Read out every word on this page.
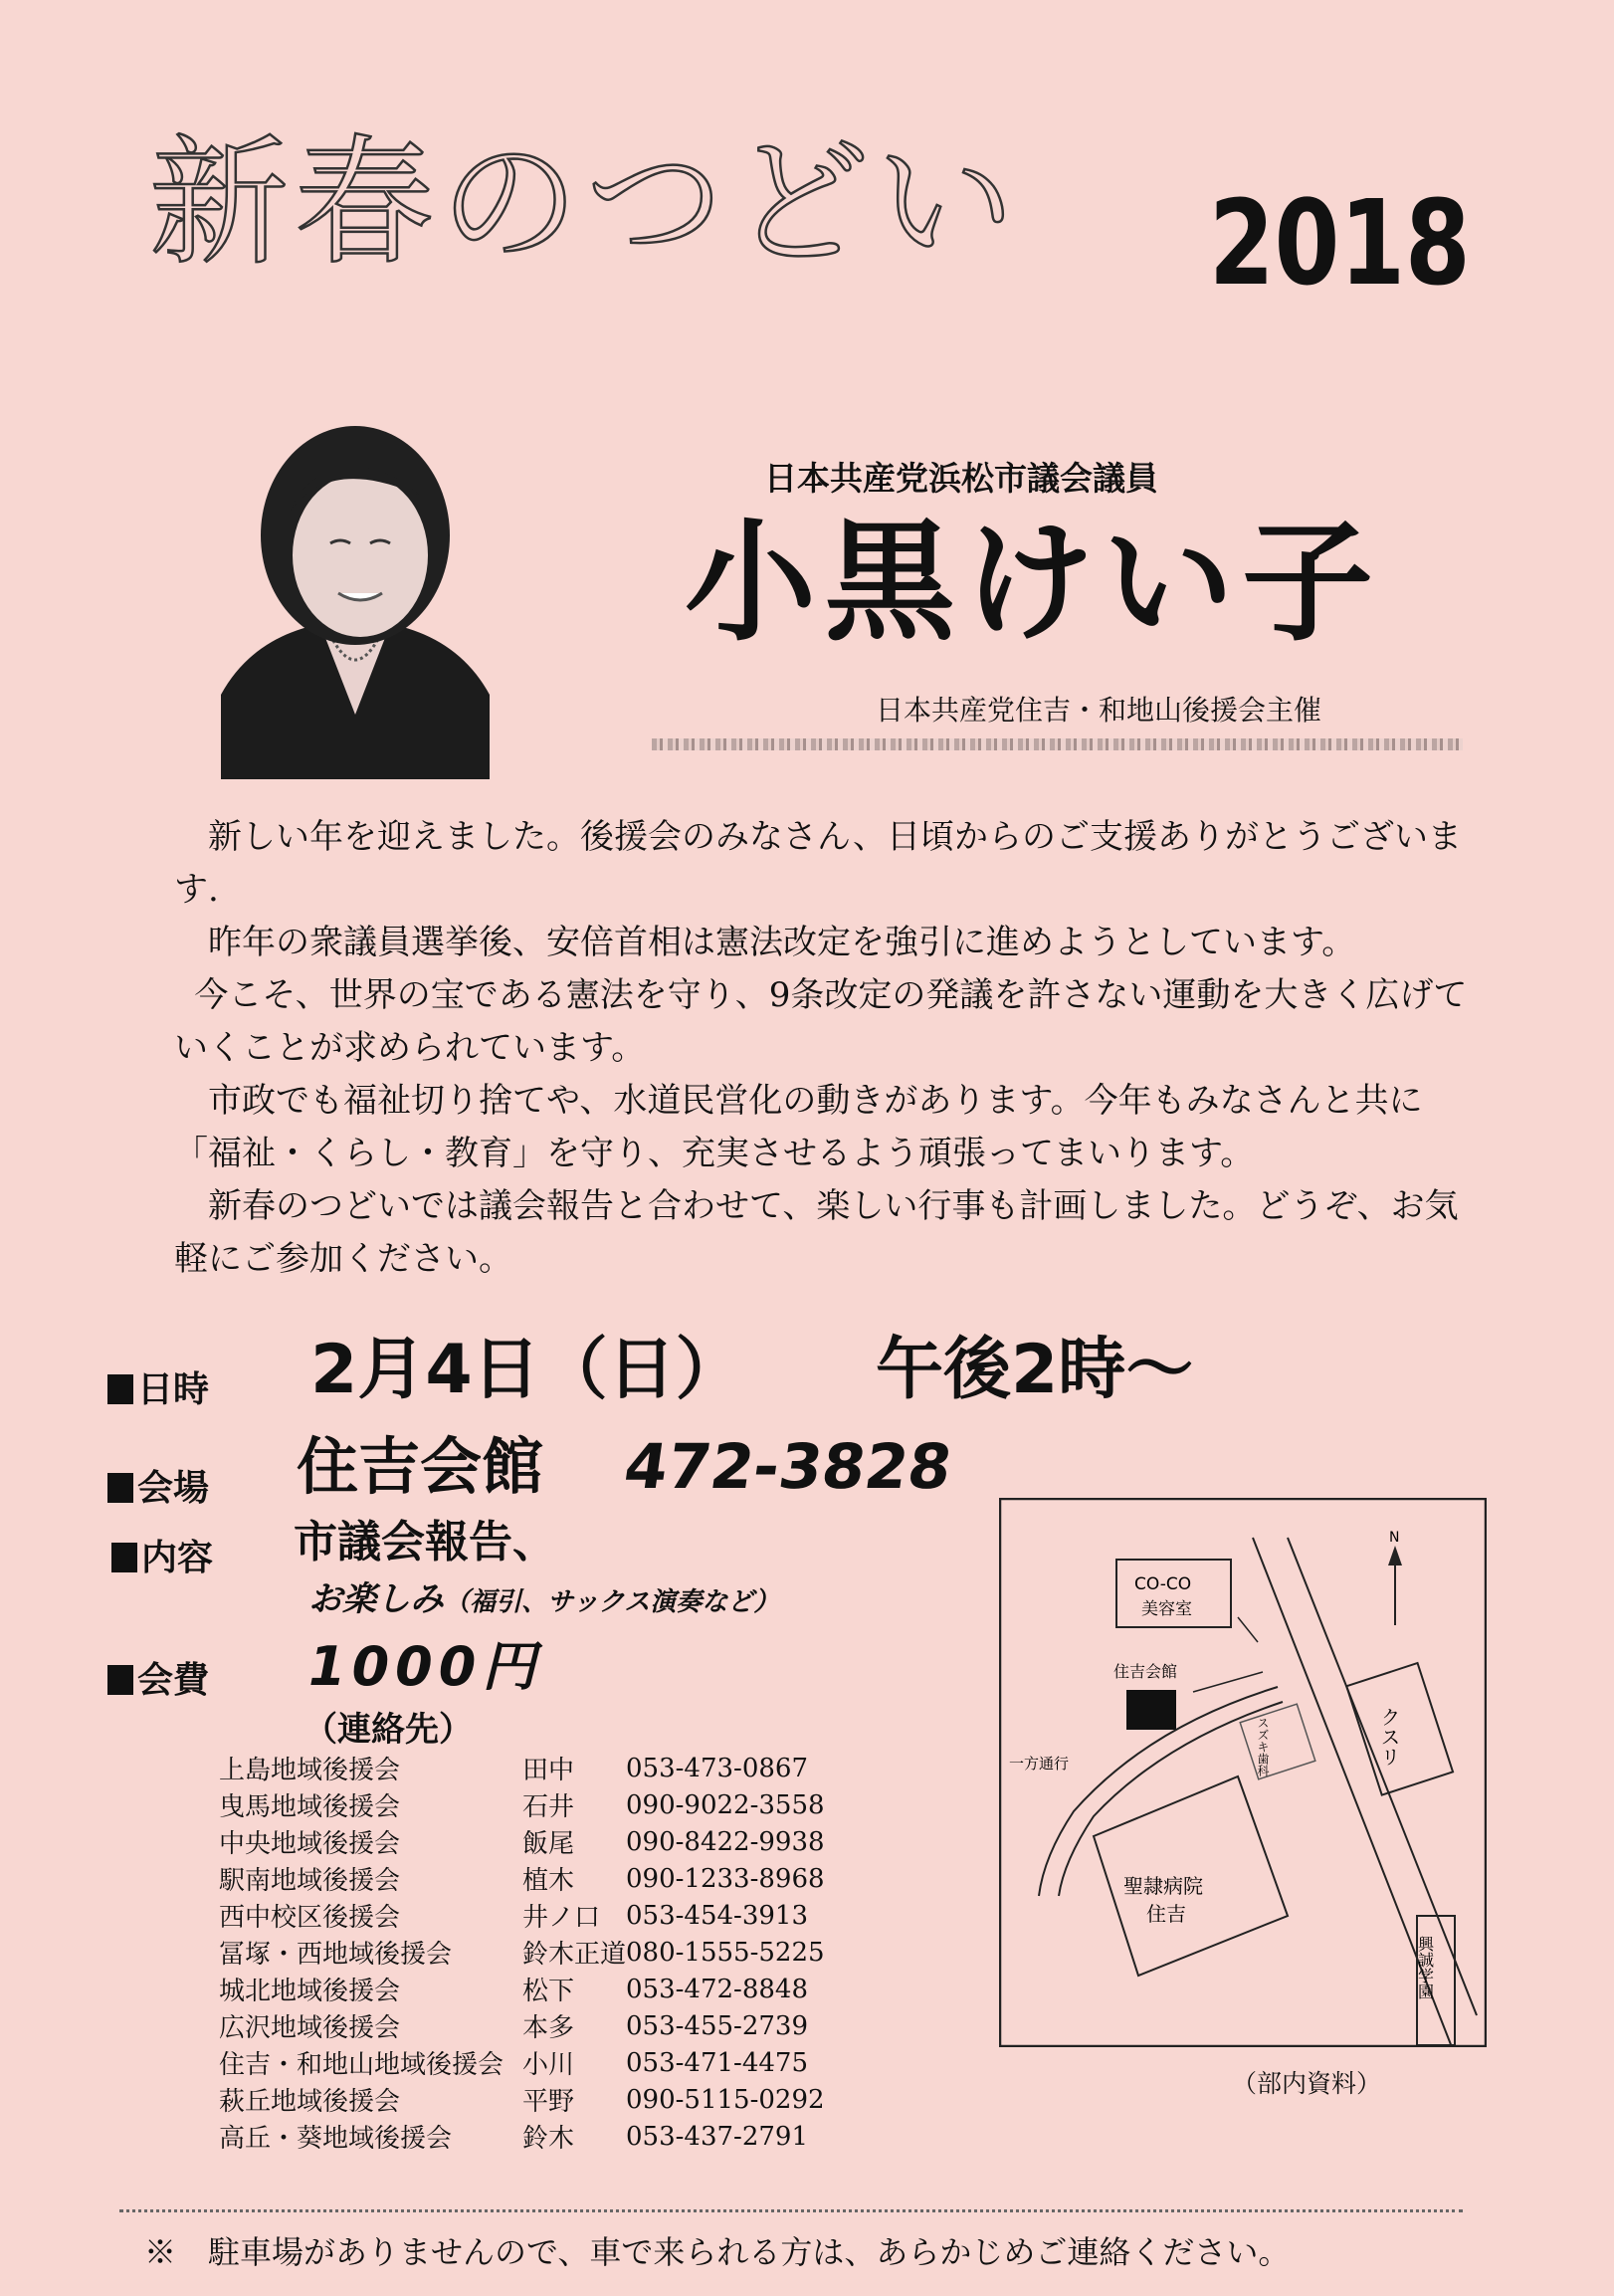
新春のつどい 2018
日本共産党浜松市議会議員
小黒けい子
日本共産党住吉・和地山後援会主催

新しい年を迎えました。後援会のみなさん、日頃からのご支援ありがとうございます.

昨年の衆議員選挙後、安倍首相は憲法改定を強引に進めようとしています。

今こそ、世界の宝である憲法を守り、9条改定の発議を許さない運動を大きく広げていくことが求められています。

市政でも福祉切り捨てや、水道民営化の動きがあります。今年もみなさんと共に「福祉・くらし・教育」を守り、充実させるよう頑張ってまいります。

新春のつどいでは議会報告と合わせて、楽しい行事も計画しました。どうぞ、お気軽にご参加ください。

日時 2月4日（日） 午後2時～
会場 住吉会館 472-3828
内容 市議会報告、
お楽しみ（福引、サックス演奏など）
会費 1000円
（連絡先）
上島地域後援会	田中	053-473-0867
曳馬地域後援会	石井	090-9022-3558
中央地域後援会	飯尾	090-8422-9938
駅南地域後援会	植木	090-1233-8968
西中校区後援会	井ノ口	053-454-3913
冨塚・西地域後援会	鈴木正道	080-1555-5225
城北地域後援会	松下	053-472-8848
広沢地域後援会	本多	053-455-2739
住吉・和地山地域後援会	小川	053-471-4475
萩丘地域後援会	平野	090-5115-0292
高丘・葵地域後援会	鈴木	053-437-2791
N
CO-CO
美容室
住吉会館
一方通行	スズキ歯科	クスリ
聖隷病院
住吉
興誠学園
（部内資料）
※　駐車場がありませんので、車で来られる方は、あらかじめご連絡ください。
